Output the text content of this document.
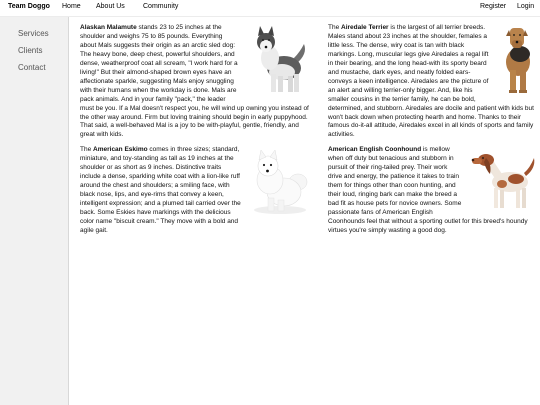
Team Doggo Home About Us	Community	Register Login
Services
Clients
Contact

Alaskan Malamute stands 23 to 25 inches at the shoulder and weighs 75 to 85 pounds. Everything about Mals suggests their origin as an arctic sled dog: The heavy bone, deep chest, powerful shoulders, and dense, weatherproof coat all scream, "I work hard for a living!" But their almond-shaped brown eyes have an affectionate sparkle, suggesting Mals enjoy snuggling with their humans when the workday is done. Mals are pack animals. And in your family "pack," the leader must be you. If a Mal doesn't respect you, he will wind up owning you instead of the other way around. Firm but loving training should begin in early puppyhood. That said, a well-behaved Mal is a joy to be with-playful, gentle, friendly, and great with kids.

The American Eskimo comes in three sizes; standard, miniature, and toy-standing as tall as 19 inches at the shoulder or as short as 9 inches. Distinctive traits include a dense, sparkling white coat with a lion-like ruff around the chest and shoulders; a smiling face, with black nose, lips, and eye-rims that convey a keen, intelligent expression; and a plumed tail carried over the back. Some Eskies have markings with the delicious color name "biscuit cream." They move with a bold and agile gait.

The Airedale Terrier is the largest of all terrier breeds. Males stand about 23 inches at the shoulder, females a little less. The dense, wiry coat is tan with black markings. Long, muscular legs give Airedales a regal lift in their bearing, and the long head-with its sporty beard and mustache, dark eyes, and neatly folded ears-conveys a keen intelligence. Airedales are the picture of an alert and willing terrier-only bigger. And, like his smaller cousins in the terrier family, he can be bold, determined, and stubborn. Airedales are docile and patient with kids but won't back down when protecting hearth and home. Thanks to their famous do-it-all attitude, Airedales excel in all kinds of sports and family activities.

American English Coonhound is mellow when off duty but tenacious and stubborn in pursuit of their ring-tailed prey. Their work drive and energy, the patience it takes to train them for things other than coon hunting, and their loud, ringing bark can make the breed a bad fit as house pets for novice owners. Some passionate fans of American English Coonhounds feel that without a sporting outlet for this breed's houndy virtues you're simply wasting a good dog.
